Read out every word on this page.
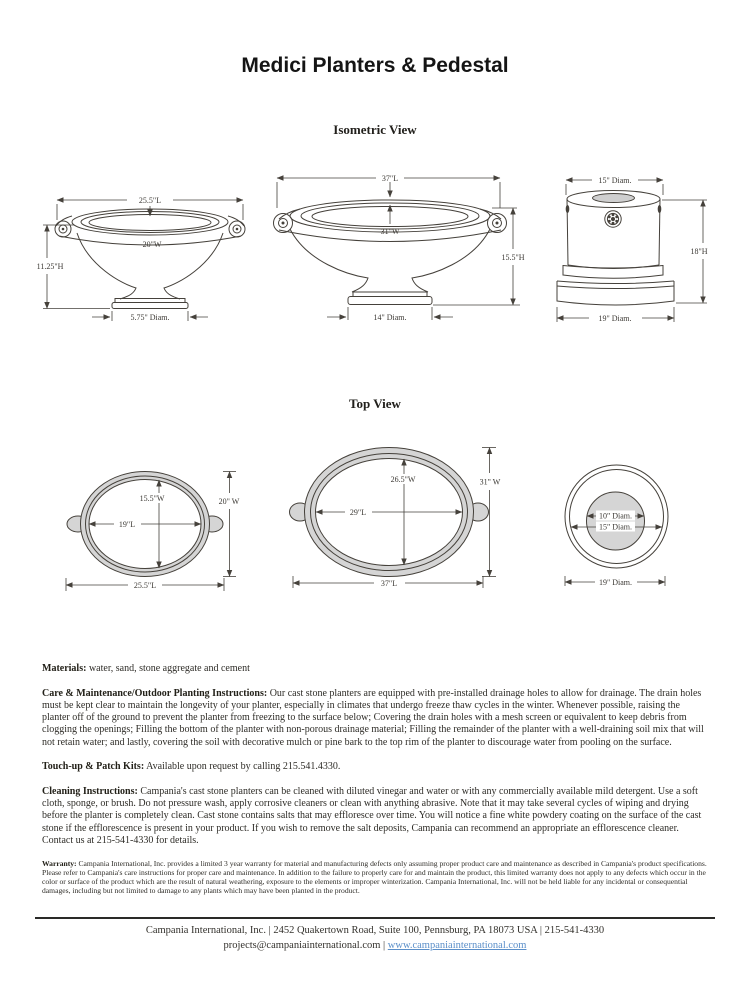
Medici Planters & Pedestal
Isometric View
25.5"L
20"W
11.25"H
5.75" Diam.
37"L
31"W
15.5"H
14" Diam.
15" Diam.
18"H
19" Diam.
Top View
15.5"W
19"L
20" W
25.5"L
26.5"W
29"L
31" W
37"L
10" Diam.
15" Diam.
19" Diam.

Materials: water, sand, stone aggregate and cement

Care & Maintenance/Outdoor Planting Instructions: Our cast stone planters are equipped with pre-installed drainage holes to allow for drainage. The drain holes must be kept clear to maintain the longevity of your planter, especially in climates that undergo freeze thaw cycles in the winter. Whenever possible, raising the planter off of the ground to prevent the planter from freezing to the surface below; Covering the drain holes with a mesh screen or equivalent to keep debris from clogging the openings; Filling the bottom of the planter with non-porous drainage material; Filling the remainder of the planter with a well-draining soil mix that will not retain water; and lastly, covering the soil with decorative mulch or pine bark to the top rim of the planter to discourage water from pooling on the surface.

Touch-up & Patch Kits: Available upon request by calling 215.541.4330.

Cleaning Instructions: Campania's cast stone planters can be cleaned with diluted vinegar and water or with any commercially available mild detergent. Use a soft cloth, sponge, or brush. Do not pressure wash, apply corrosive cleaners or clean with anything abrasive. Note that it may take several cycles of wiping and drying before the planter is completely clean. Cast stone contains salts that may effloresce over time. You will notice a fine white powdery coating on the surface of the cast stone if the efflorescence is present in your product. If you wish to remove the salt deposits, Campania can recommend an appropriate an efflorescence cleaner. Contact us at 215-541-4330 for details.

Warranty: Campania International, Inc. provides a limited 3 year warranty for material and manufacturing defects only assuming proper product care and maintenance as described in Campania's product specifications. Please refer to Campania's care instructions for proper care and maintenance. In addition to the failure to properly care for and maintain the product, this limited warranty does not apply to any defects which occur in the color or surface of the product which are the result of natural weathering, exposure to the elements or improper winterization. Campania International, Inc. will not be held liable for any incidental or consequential damages, including but not limited to damage to any plants which may have been planted in the product.

Campania International, Inc. | 2452 Quakertown Road, Suite 100, Pennsburg, PA 18073 USA | 215-541-4330
projects@campaniainternational.com | www.campaniainternational.com
